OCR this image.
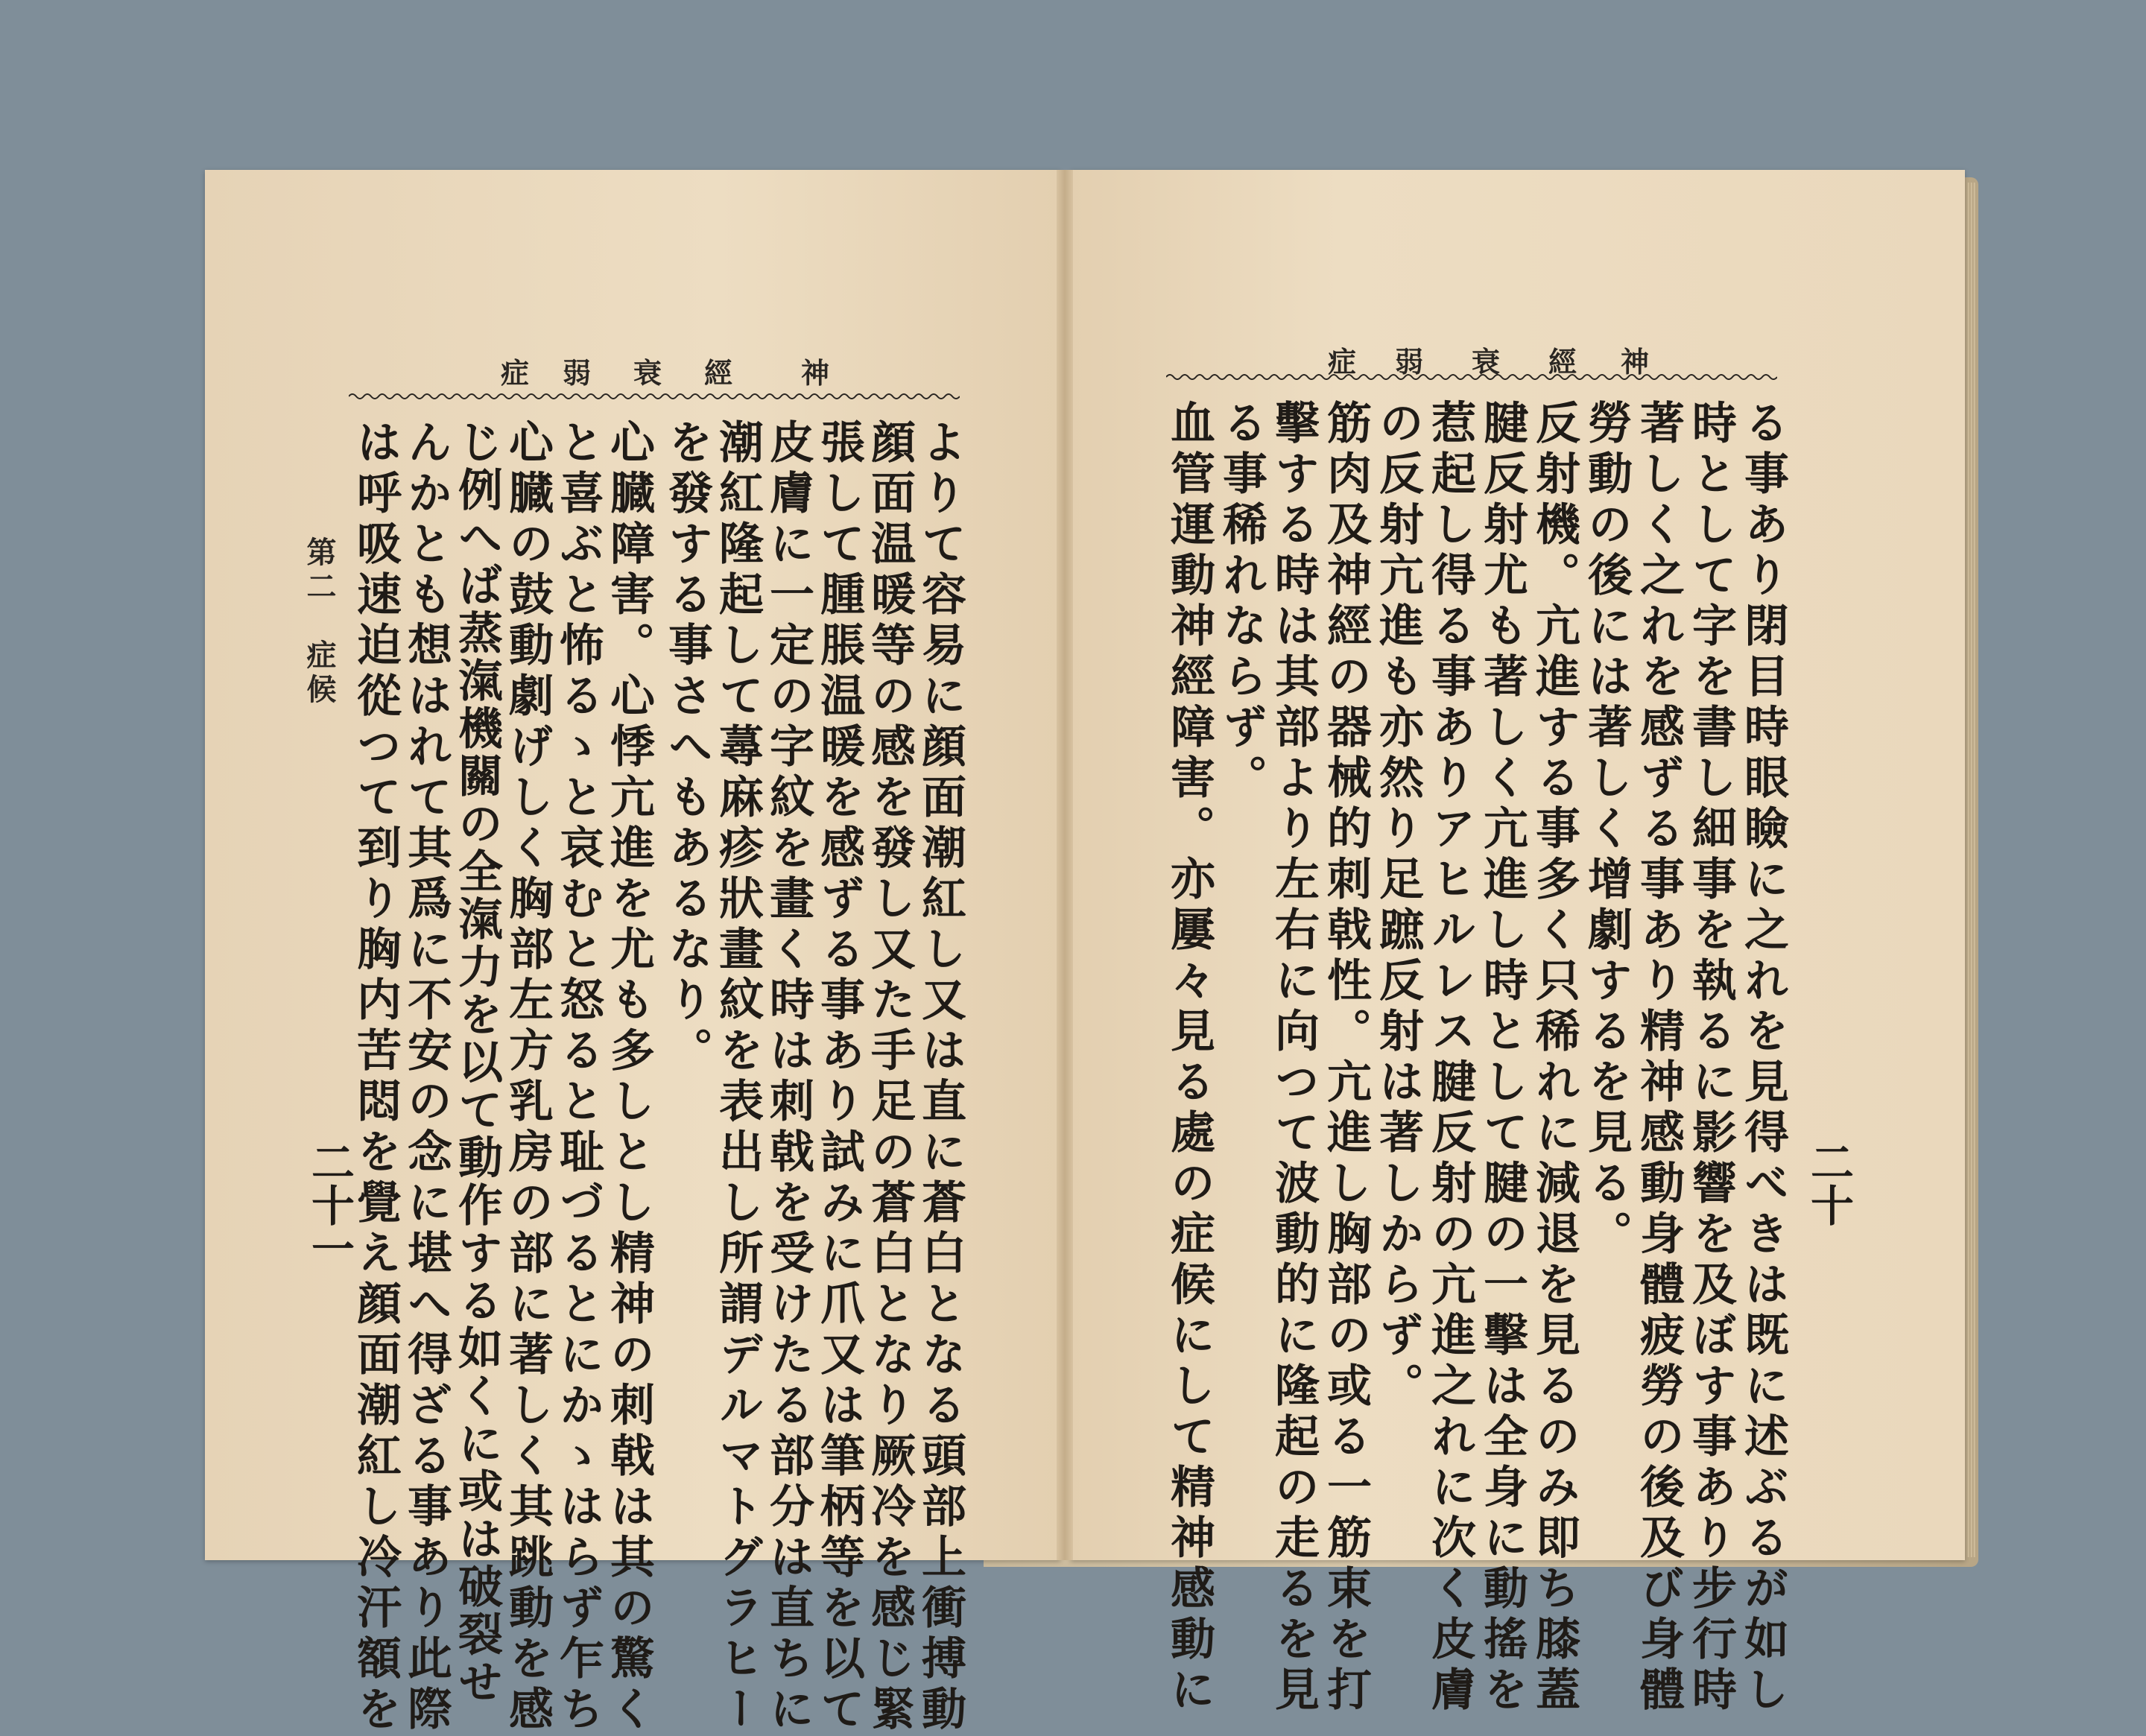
症 弱 衰 經 神
よりて容易に顔面潮紅し又は直に蒼白となる頭部上衝搏動
顔面温暖等の感を發し又た手足の蒼白となり厥冷を感じ緊
張して腫脹温暖を感ずる事あり試みに爪又は筆柄等を以て
皮膚に一定の字紋を畫く時は刺戟を受けたる部分は直ちに
潮紅隆起して蕁麻疹狀畫紋を表出し所謂デルマトグラヒー
を發する事さへもあるなり。
心臓障害。心悸亢進を尤も多しとし精神の刺戟は其の驚く
と喜ぶと怖るゝと哀むと怒ると耻づるとにかゝはらず乍ち
心臓の鼓動劇げしく胸部左方乳房の部に著しく其跳動を感
じ例へば蒸滊機關の全滊力を以て動作する如くに或は破裂せ
んかとも想はれて其爲に不安の念に堪へ得ざる事あり此際
は呼吸速迫從つて到り胸内苦悶を覺え顔面潮紅し冷汗額を
第二　症候
二十一
症 弱 衰 經 神
る事あり閉目時眼瞼に之れを見得べきは既に述ぶるが如し
時として字を書し細事を執るに影響を及ぼす事あり步行時
著しく之れを感ずる事あり精神感動身體疲勞の後及び身體
勞動の後には著しく增劇するを見る。
反射機。亢進する事多く只稀れに減退を見るのみ即ち膝蓋
腱反射尤も著しく亢進し時として腱の一擊は全身に動搖を
惹起し得る事ありアヒルレス腱反射の亢進之れに次く皮膚
の反射亢進も亦然り足蹠反射は著しからず。
筋肉及神經の器械的刺戟性。亢進し胸部の或る一筋束を打
擊する時は其部より左右に向つて波動的に隆起の走るを見
る事稀れならず。
血管運動神經障害。亦屢々見る處の症候にして精神感動に	二十
